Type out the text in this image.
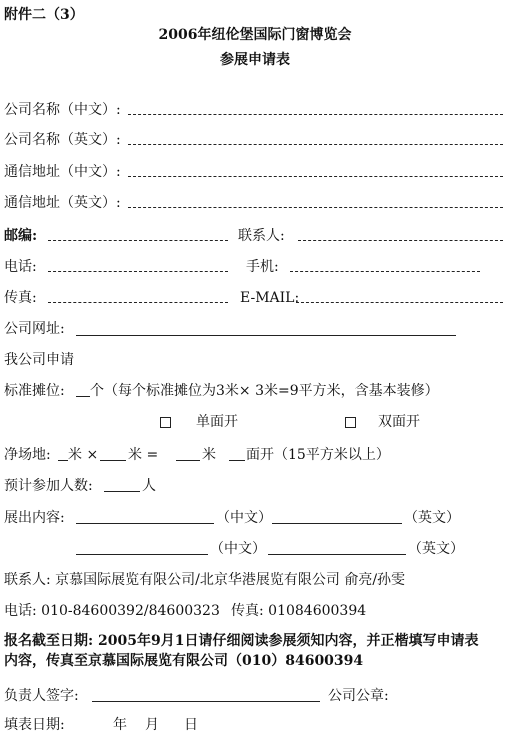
附件二（3）
2006年纽伦堡国际门窗博览会
参展申请表
公司名称（中文）:
公司名称（英文）:
通信地址（中文）:
通信地址（英文）:
邮编:	联系人:
电话:	手机:
传真:	E-MAIL:
公司网址:
我公司申请
标准摊位: 个（每个标准摊位为3米× 3米=9平方米，含基本装修）
单面开	双面开
净场地: 米 × 米 =	米 面开（15平方米以上）
预计参加人数:	人
展出内容:	（中文）	（英文）
（中文）	（英文）
联系人: 京慕国际展览有限公司/北京华港展览有限公司 俞亮/孙雯
电话: 010-84600392/84600323 传真: 01084600394
报名截至日期: 2005年9月1日请仔细阅读参展须知内容，并正楷填写申请表
内容，传真至京慕国际展览有限公司（010）84600394
负责人签字:	公司公章:
填表日期:	年 月 日
